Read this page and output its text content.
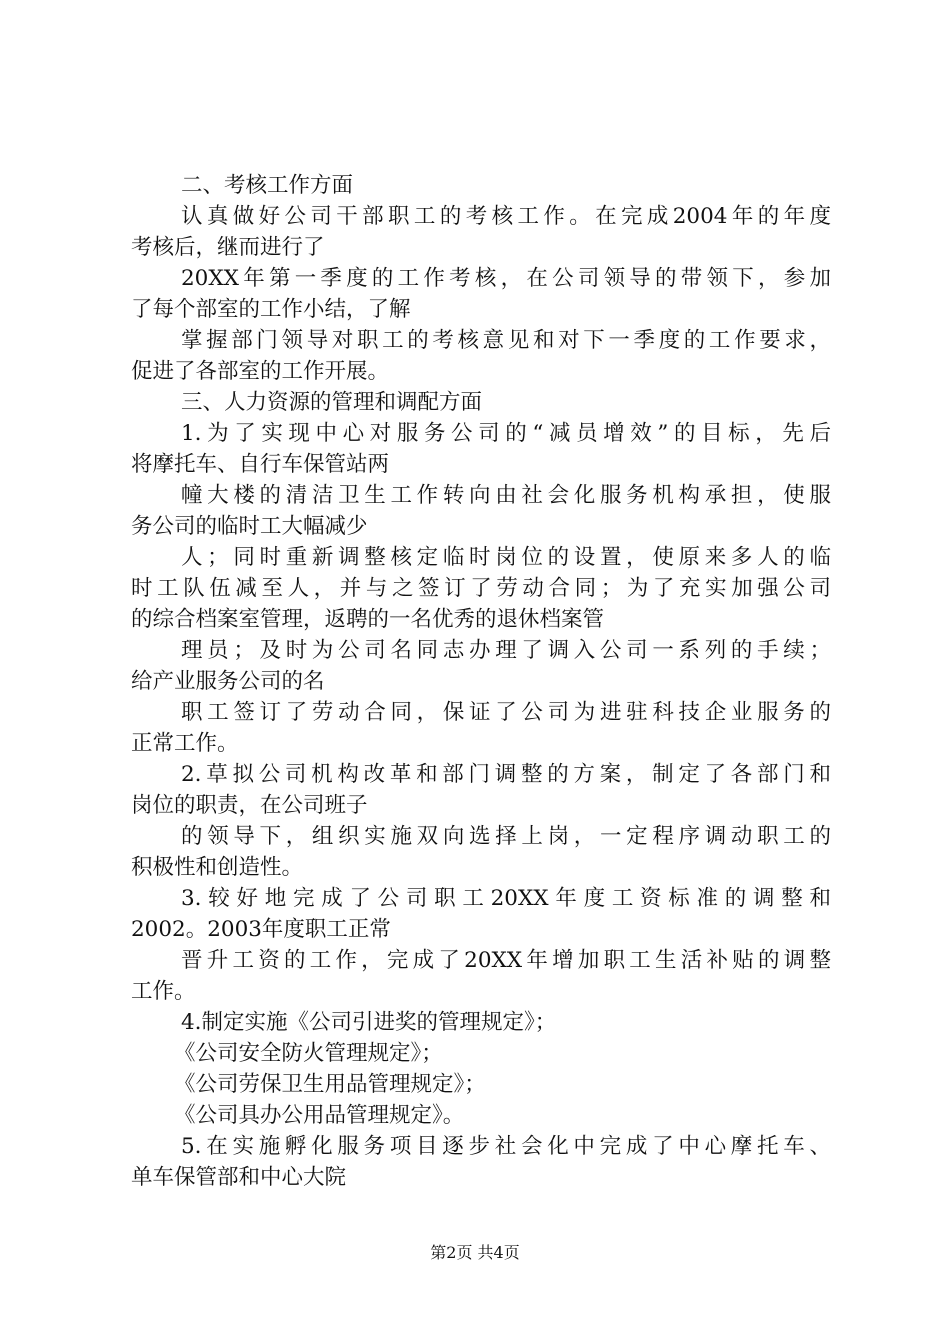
二、考核工作方面
认真做好公司干部职工的考核工作。在完成2004年的年度
考核后，继而进行了
20XX年第一季度的工作考核，在公司领导的带领下，参加
了每个部室的工作小结，了解
掌握部门领导对职工的考核意见和对下一季度的工作要求，
促进了各部室的工作开展。
三、人力资源的管理和调配方面
1.为了实现中心对服务公司的“减员增效”的目标，先后
将摩托车、自行车保管站两
幢大楼的清洁卫生工作转向由社会化服务机构承担，使服
务公司的临时工大幅减少
人；同时重新调整核定临时岗位的设置，使原来多人的临
时工队伍减至人，并与之签订了劳动合同；为了充实加强公司
的综合档案室管理，返聘的一名优秀的退休档案管
理员；及时为公司名同志办理了调入公司一系列的手续；
给产业服务公司的名
职工签订了劳动合同，保证了公司为进驻科技企业服务的
正常工作。
2.草拟公司机构改革和部门调整的方案，制定了各部门和
岗位的职责，在公司班子
的领导下，组织实施双向选择上岗，一定程序调动职工的
积极性和创造性。
3.较好地完成了公司职工20XX年度工资标准的调整和
2002。2003年度职工正常
晋升工资的工作，完成了20XX年增加职工生活补贴的调整
工作。
4.制定实施《公司引进奖的管理规定》；
《公司安全防火管理规定》；
《公司劳保卫生用品管理规定》；
《公司具办公用品管理规定》。
5.在实施孵化服务项目逐步社会化中完成了中心摩托车、
单车保管部和中心大院
第2页 共4页
